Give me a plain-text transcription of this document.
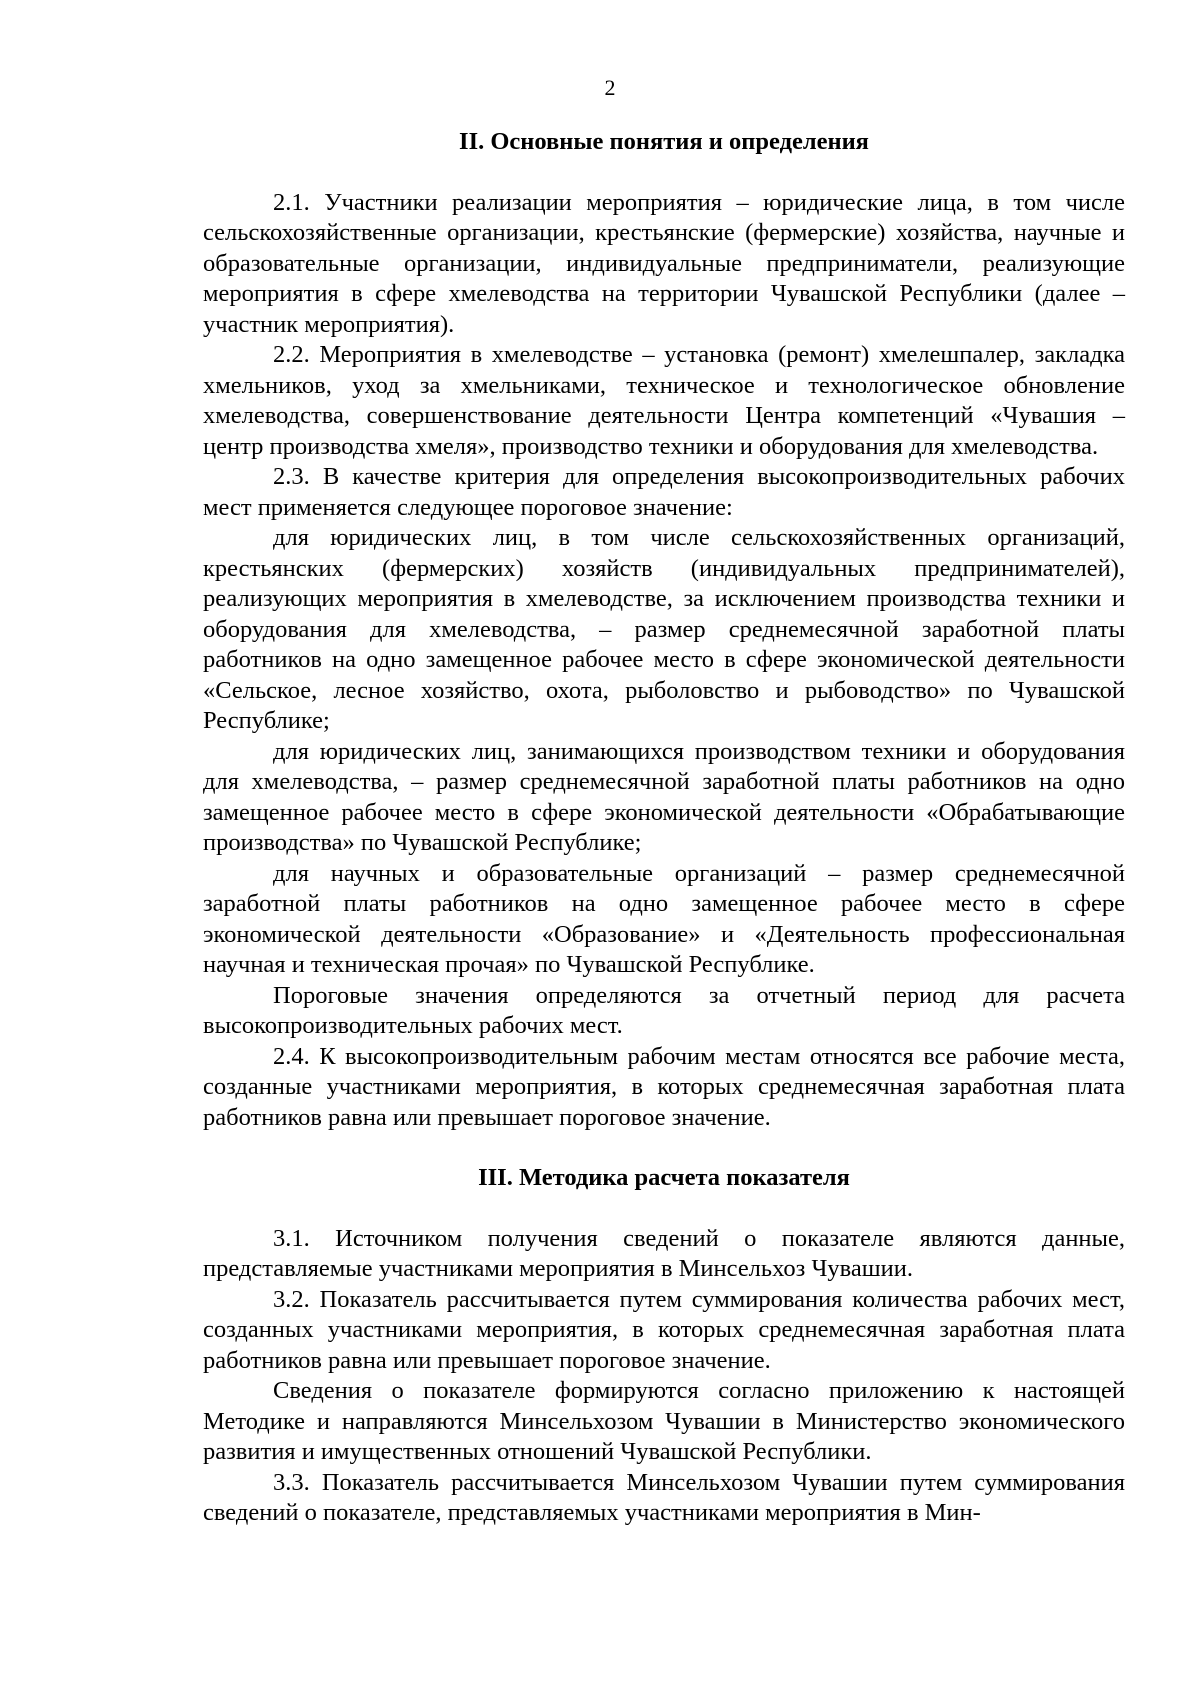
2
II. Основные понятия и определения

2.1. Участники реализации мероприятия – юридические лица, в том числе сельскохозяйственные организации, крестьянские (фермерские) хозяйства, научные и образовательные организации, индивидуальные предприниматели, реализующие мероприятия в сфере хмелеводства на территории Чувашской Республики (далее – участник мероприятия).

2.2. Мероприятия в хмелеводстве – установка (ремонт) хмелешпалер, закладка хмельников, уход за хмельниками, техническое и технологическое обновление хмелеводства, совершенствование деятельности Центра компетенций «Чувашия – центр производства хмеля», производство техники и оборудования для хмелеводства.

2.3. В качестве критерия для определения высокопроизводительных рабочих мест применяется следующее пороговое значение:

для юридических лиц, в том числе сельскохозяйственных организаций, крестьянских (фермерских) хозяйств (индивидуальных предпринимателей), реализующих мероприятия в хмелеводстве, за исключением производства техники и оборудования для хмелеводства, – размер среднемесячной заработной платы работников на одно замещенное рабочее место в сфере экономической деятельности «Сельское, лесное хозяйство, охота, рыболовство и рыбоводство» по Чувашской Республике;

для юридических лиц, занимающихся производством техники и оборудования для хмелеводства, – размер среднемесячной заработной платы работников на одно замещенное рабочее место в сфере экономической деятельности «Обрабатывающие производства» по Чувашской Республике;

для научных и образовательные организаций – размер среднемесячной заработной платы работников на одно замещенное рабочее место в сфере экономической деятельности «Образование» и «Деятельность профессиональная научная и техническая прочая» по Чувашской Республике.

Пороговые значения определяются за отчетный период для расчета высокопроизводительных рабочих мест.

2.4. К высокопроизводительным рабочим местам относятся все рабочие места, созданные участниками мероприятия, в которых среднемесячная заработная плата работников равна или превышает пороговое значение.

III. Методика расчета показателя

3.1. Источником получения сведений о показателе являются данные, представляемые участниками мероприятия в Минсельхоз Чувашии.

3.2. Показатель рассчитывается путем суммирования количества рабочих мест, созданных участниками мероприятия, в которых среднемесячная заработная плата работников равна или превышает пороговое значение.

Сведения о показателе формируются согласно приложению к настоящей Методике и направляются Минсельхозом Чувашии в Министерство экономического развития и имущественных отношений Чувашской Республики.

3.3. Показатель рассчитывается Минсельхозом Чувашии путем суммирования сведений о показателе, представляемых участниками мероприятия в Мин-
